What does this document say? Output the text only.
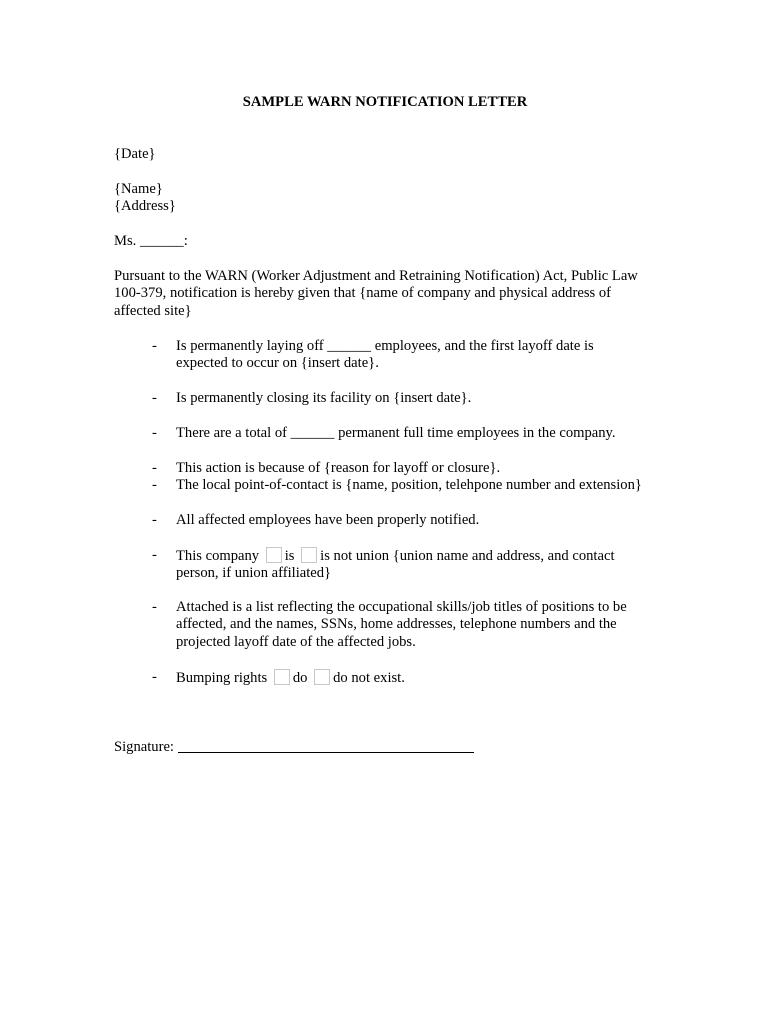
SAMPLE WARN NOTIFICATION LETTER
{Date}
{Name}
{Address}
Ms. ______:
Pursuant to the WARN (Worker Adjustment and Retraining Notification) Act, Public Law 100-379, notification is hereby given that {name of company and physical address of affected site}
- Is permanently laying off ______ employees, and the first layoff date is expected to occur on {insert date}.
- Is permanently closing its facility on {insert date}.
- There are a total of ______ permanent full time employees in the company.
- This action is because of {reason for layoff or closure}.
- The local point-of-contact is {name, position, telehpone number and extension}
- All affected employees have been properly notified.
- This company is is not union {union name and address, and contact person, if union affiliated}
- Attached is a list reflecting the occupational skills/job titles of positions to be affected, and the names, SSNs, home addresses, telephone numbers and the projected layoff date of the affected jobs.
- Bumping rights do do not exist.
Signature:
